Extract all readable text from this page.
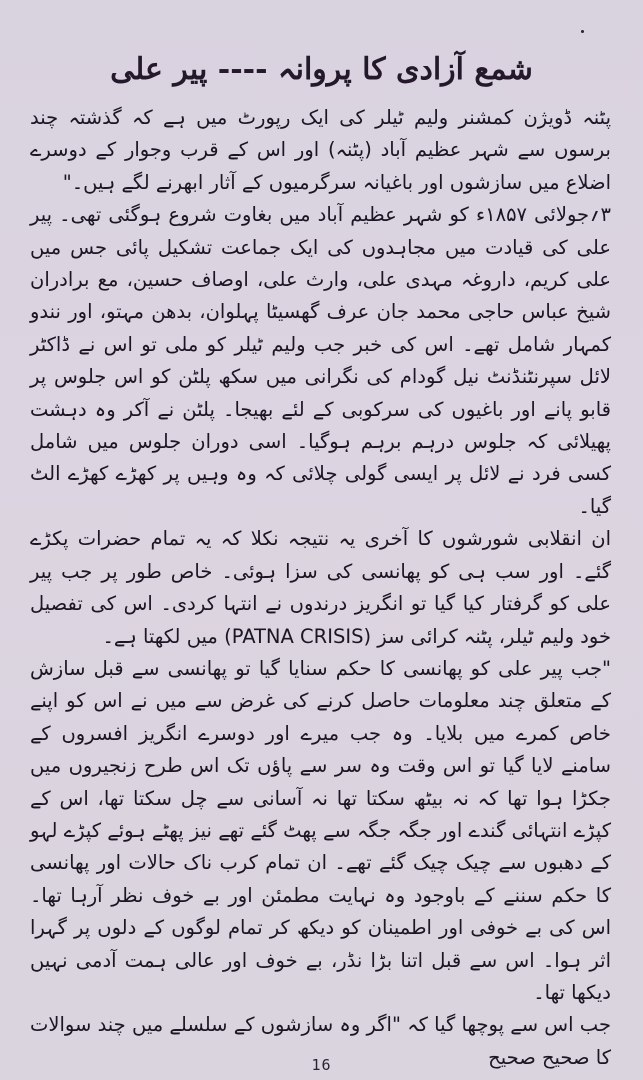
شمع آزادی کا پروانہ ---- پیر علی

پٹنہ ڈویژن کمشنر ولیم ٹیلر کی ایک رپورٹ میں ہے کہ گذشتہ چند برسوں سے شہر عظیم آباد (پٹنہ) اور اس کے قرب وجوار کے دوسرے اضلاع میں سازشوں اور باغیانہ سرگرمیوں کے آثار ابھرنے لگے ہیں۔"

۳؍جولائی ۱۸۵۷ء کو شہر عظیم آباد میں بغاوت شروع ہوگئی تھی۔ پیر علی کی قیادت میں مجاہدوں کی ایک جماعت تشکیل پائی جس میں علی کریم، داروغہ مہدی علی، وارث علی، اوصاف حسین، مع برادران شیخ عباس حاجی محمد جان عرف گھسیٹا پہلوان، بدھن مہتو، اور نندو کمہار شامل تھے۔ اس کی خبر جب ولیم ٹیلر کو ملی تو اس نے ڈاکٹر لائل سپرنٹنڈنٹ نیل گودام کی نگرانی میں سکھ پلٹن کو اس جلوس پر قابو پانے اور باغیوں کی سرکوبی کے لئے بھیجا۔ پلٹن نے آکر وہ دہشت پھیلائی کہ جلوس درہم برہم ہوگیا۔ اسی دوران جلوس میں شامل کسی فرد نے لائل پر ایسی گولی چلائی کہ وہ وہیں پر کھڑے کھڑے الٹ گیا۔

ان انقلابی شورشوں کا آخری یہ نتیجہ نکلا کہ یہ تمام حضرات پکڑے گئے۔ اور سب ہی کو پھانسی کی سزا ہوئی۔ خاص طور پر جب پیر علی کو گرفتار کیا گیا تو انگریز درندوں نے انتہا کردی۔ اس کی تفصیل خود ولیم ٹیلر، پٹنہ کرائی سز (PATNA CRISIS) میں لکھتا ہے۔

"جب پیر علی کو پھانسی کا حکم سنایا گیا تو پھانسی سے قبل سازش کے متعلق چند معلومات حاصل کرنے کی غرض سے میں نے اس کو اپنے خاص کمرے میں بلایا۔ وہ جب میرے اور دوسرے انگریز افسروں کے سامنے لایا گیا تو اس وقت وہ سر سے پاؤں تک اس طرح زنجیروں میں جکڑا ہوا تھا کہ نہ بیٹھ سکتا تھا نہ آسانی سے چل سکتا تھا، اس کے کپڑے انتہائی گندے اور جگہ جگہ سے پھٹ گئے تھے نیز پھٹے ہوئے کپڑے لہو کے دھبوں سے چیک چیک گئے تھے۔ ان تمام کرب ناک حالات اور پھانسی کا حکم سننے کے باوجود وہ نہایت مطمئن اور بے خوف نظر آرہا تھا۔ اس کی بے خوفی اور اطمینان کو دیکھ کر تمام لوگوں کے دلوں پر گہرا اثر ہوا۔ اس سے قبل اتنا بڑا نڈر، بے خوف اور عالی ہمت آدمی نہیں دیکھا تھا۔

جب اس سے پوچھا گیا کہ "اگر وہ سازشوں کے سلسلے میں چند سوالات کا صحیح صحیح

16
